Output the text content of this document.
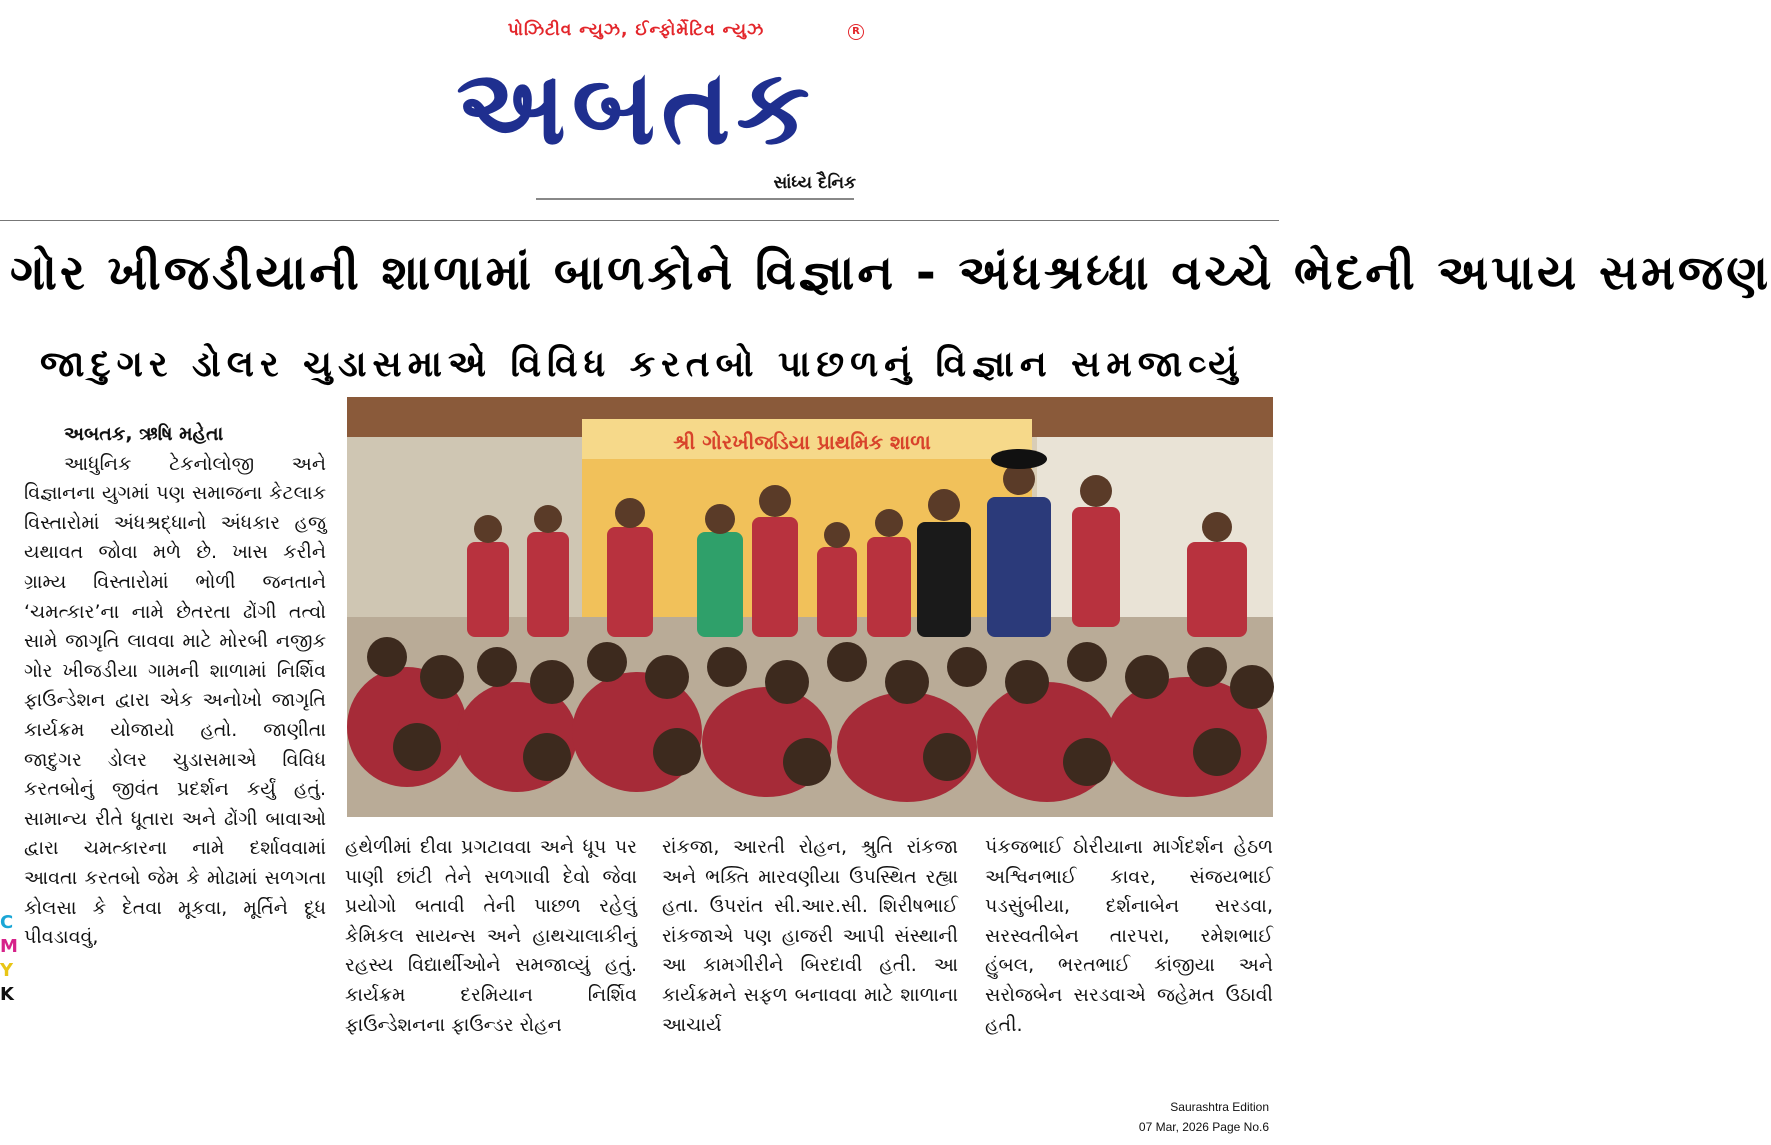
પોઝિટીવ ન્યુઝ, ઈન્ફોર્મેટિવ ન્યુઝ	R
અબતક
સાંધ્ય દૈનિક
ગોર ખીજડીયાની શાળામાં બાળકોને વિજ્ઞાન - અંધશ્રધ્ધા વચ્ચે ભેદની અપાય સમજણ
જાદુગર ડોલર ચુડાસમાએ વિવિધ કરતબો પાછળનું વિજ્ઞાન સમજાવ્યું
અબતક, ઋષિ મહેતા

આધુનિક ટેકનોલોજી અને વિજ્ઞાનના યુગમાં પણ સમાજના કેટલાક વિસ્તારોમાં અંધશ્રદ્ધાનો અંધકાર હજુ યથાવત જોવા મળે છે. ખાસ કરીને ગ્રામ્ય વિસ્તારોમાં ભોળી જનતાને ‘ચમત્કાર’ના નામે છેતરતા ઢોંગી તત્વો સામે જાગૃતિ લાવવા માટે મોરબી નજીક ગોર ખીજડીયા ગામની શાળામાં નિર્શિવ ફાઉન્ડેશન દ્વારા એક અનોખો જાગૃતિ કાર્યક્રમ યોજાયો હતો. જાણીતા જાદુગર ડોલર ચુડાસમાએ વિવિધ કરતબોનું જીવંત પ્રદર્શન કર્યું હતું. સામાન્ય રીતે ધૂતારા અને ઢોંગી બાવાઓ દ્વારા ચમત્કારના નામે દર્શાવવામાં આવતા કરતબો જેમ કે મોઢામાં સળગતા કોલસા કે દેતવા મૂકવા, મૂર્તિને દૂધ પીવડાવવું,

C
M
Y
K
શ્રી ગોરખીજડિયા પ્રાથમિક શાળા
હથેળીમાં દીવા પ્રગટાવવા અને ધૂપ પર પાણી છાંટી તેને સળગાવી દેવો જેવા પ્રયોગો બતાવી તેની પાછળ રહેલું કેમિકલ સાયન્સ અને હાથચાલાકીનું રહસ્ય વિદ્યાર્થીઓને સમજાવ્યું હતું. કાર્યક્રમ દરમિયાન નિર્શિવ ફાઉન્ડેશનના ફાઉન્ડર રોહન
રાંકજા, આરતી રોહન, શ્રુતિ રાંકજા અને ભક્તિ મારવણીયા ઉપસ્થિત રહ્યા હતા. ઉપરાંત સી.આર.સી. શિરીષભાઈ રાંકજાએ પણ હાજરી આપી સંસ્થાની આ કામગીરીને બિરદાવી હતી. આ કાર્યક્રમને સફળ બનાવવા માટે શાળાના આચાર્ય
પંકજભાઈ ઠોરીયાના માર્ગદર્શન હેઠળ અશ્વિનભાઈ કાવર, સંજયભાઈ પડસુંબીયા, દર્શનાબેન સરડવા, સરસ્વતીબેન તારપરા, રમેશભાઈ હુંબલ, ભરતભાઈ કાંજીયા અને સરોજબેન સરડવાએ જહેમત ઉઠાવી હતી.
Saurashtra Edition
07 Mar, 2026 Page No.6
